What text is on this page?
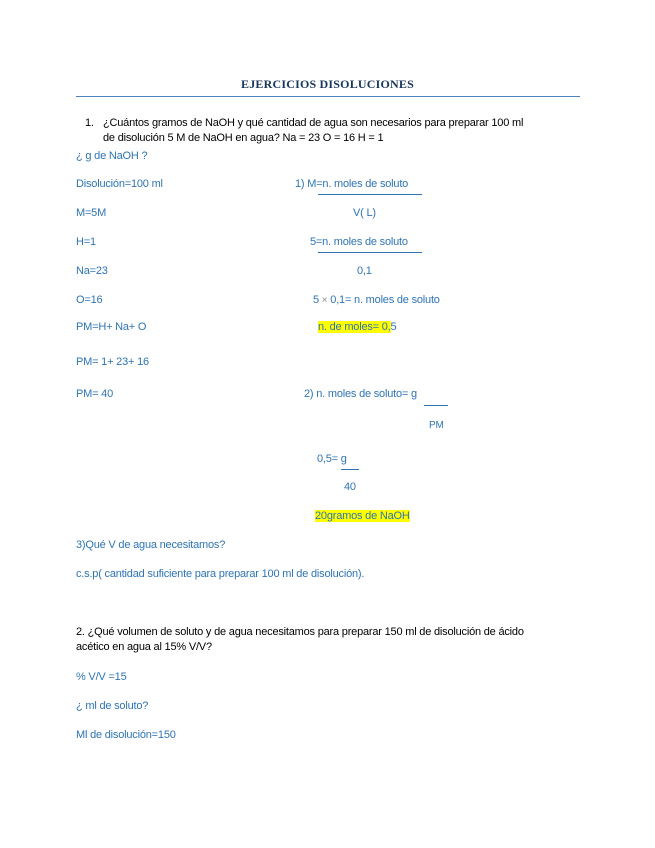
EJERCICIOS DISOLUCIONES
1. ¿Cuántos gramos de NaOH y qué cantidad de agua son necesarios para preparar 100 ml
de disolución 5 M de NaOH en agua? Na = 23 O = 16 H = 1
¿ g de NaOH ?
Disolución=100 ml
M=5M
H=1
Na=23
O=16
PM=H+ Na+ O
PM= 1+ 23+ 16
PM= 40
1) M=n. moles de soluto
V( L)
5=n. moles de soluto
0,1
5 × 0,1= n. moles de soluto
n. de moles= 0,5
2) n. moles de soluto= g
PM
0,5= g
40
20gramos de NaOH
3)Qué V de agua necesitamos?
c.s.p( cantidad suficiente para preparar 100 ml de disolución).
2. ¿Qué volumen de soluto y de agua necesitamos para preparar 150 ml de disolución de ácido
acético en agua al 15% V/V?
% V/V =15
¿ ml de soluto?
Ml de disolución=150
